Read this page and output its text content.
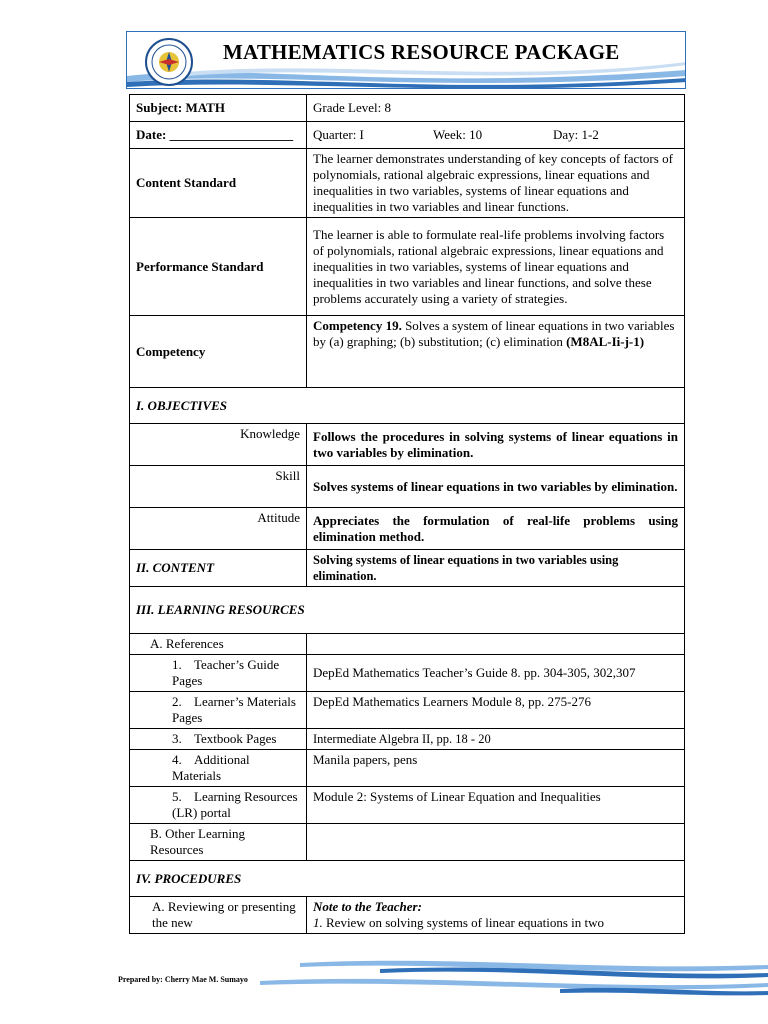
MATHEMATICS RESOURCE PACKAGE
Subject: MATH	Grade Level: 8
Date: ___________________	Quarter: I Week: 10 Day: 1-2
Content Standard	The learner demonstrates understanding of key concepts of factors of polynomials, rational algebraic expressions, linear equations and inequalities in two variables, systems of linear equations and inequalities in two variables and linear functions.
Performance Standard	The learner is able to formulate real-life problems involving factors of polynomials, rational algebraic expressions, linear equations and inequalities in two variables, systems of linear equations and inequalities in two variables and linear functions, and solve these problems accurately using a variety of strategies.
Competency	Competency 19. Solves a system of linear equations in two variables by (a) graphing; (b) substitution; (c) elimination (M8AL-Ii-j-1)
I. OBJECTIVES	
Knowledge	Follows the procedures in solving systems of linear equations in two variables by elimination.
Skill	Solves systems of linear equations in two variables by elimination.
Attitude	Appreciates the formulation of real-life problems using elimination method.
II. CONTENT	Solving systems of linear equations in two variables using elimination.
III. LEARNING RESOURCES	
A. References	
1. Teacher’s Guide Pages	DepEd Mathematics Teacher’s Guide 8. pp. 304-305, 302,307
2. Learner’s Materials Pages	DepEd Mathematics Learners Module 8, pp. 275-276
3. Textbook Pages	Intermediate Algebra II, pp. 18 - 20
4. Additional Materials	Manila papers, pens
5. Learning Resources (LR) portal	Module 2: Systems of Linear Equation and Inequalities
B. Other Learning Resources	
IV. PROCEDURES	
A. Reviewing or presenting the new	Note to the Teacher:
1. Review on solving systems of linear equations in two
Prepared by: Cherry Mae M. Sumayo
